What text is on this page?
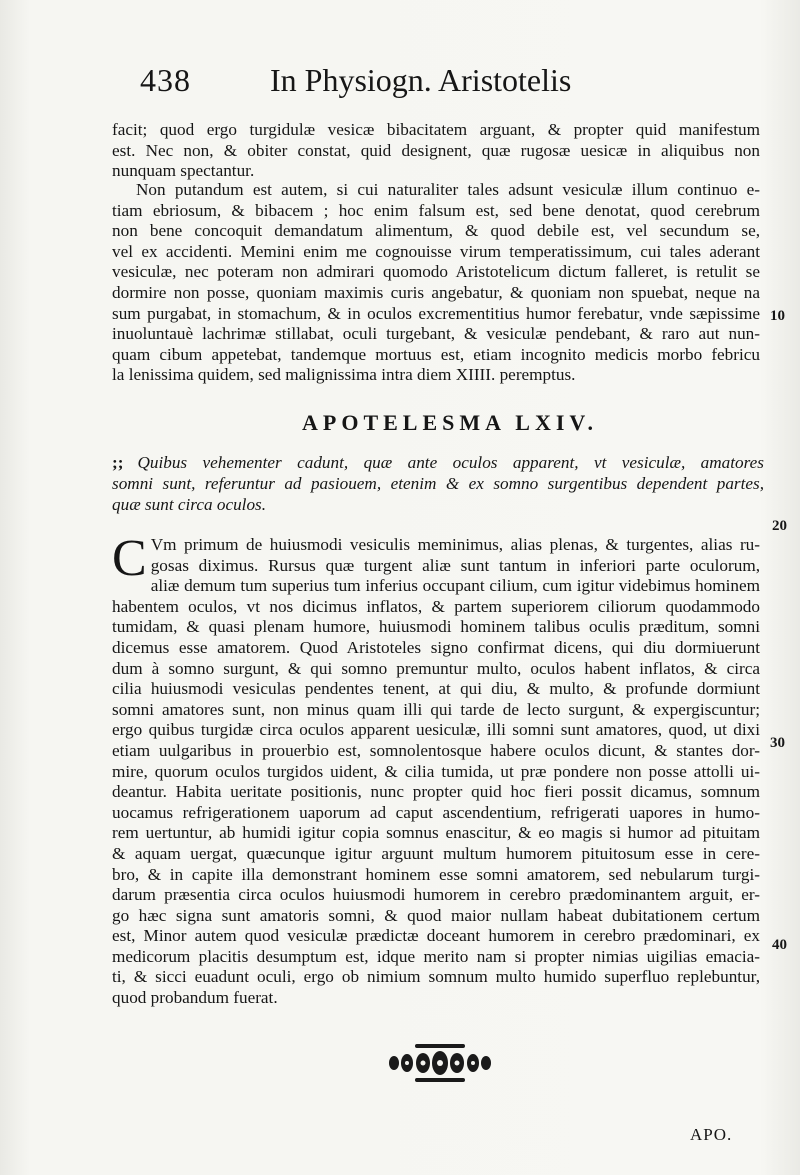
438 In Physiogn. Aristotelis
facit; quod ergo turgidulæ vesicæ bibacitatem arguant, & propter quid manifestum
est. Nec non, & obiter constat, quid designent, quæ rugosæ uesicæ in aliquibus non
nunquam spectantur.
Non putandum est autem, si cui naturaliter tales adsunt vesiculæ illum continuo e-
tiam ebriosum, & bibacem ; hoc enim falsum est, sed bene denotat, quod cerebrum
non bene concoquit demandatum alimentum, & quod debile est, vel secundum se,
vel ex accidenti. Memini enim me cognouisse virum temperatissimum, cui tales aderant
vesiculæ, nec poteram non admirari quomodo Aristotelicum dictum falleret, is retulit se
dormire non posse, quoniam maximis curis angebatur, & quoniam non spuebat, neque na
sum purgabat, in stomachum, & in oculos excrementitius humor ferebatur, vnde sæpissime
inuoluntauè lachrimæ stillabat, oculi turgebant, & vesiculæ pendebant, & raro aut nun-
quam cibum appetebat, tandemque mortuus est, etiam incognito medicis morbo febricu
la lenissima quidem, sed malignissima intra diem XIIII. peremptus.
APOTELESMA LXIV.
;; Quibus vehementer cadunt, quæ ante oculos apparent, vt vesiculæ, amatores
somni sunt, referuntur ad pasiouem, etenim & ex somno surgentibus dependent partes,
quæ sunt circa oculos.
C Vm primum de huiusmodi vesiculis meminimus, alias plenas, & turgentes, alias ru-
gosas diximus. Rursus quæ turgent aliæ sunt tantum in inferiori parte oculorum,
aliæ demum tum superius tum inferius occupant cilium, cum igitur videbimus hominem
habentem oculos, vt nos dicimus inflatos, & partem superiorem ciliorum quodammodo
tumidam, & quasi plenam humore, huiusmodi hominem talibus oculis præditum, somni
dicemus esse amatorem. Quod Aristoteles signo confirmat dicens, qui diu dormiuerunt
dum à somno surgunt, & qui somno premuntur multo, oculos habent inflatos, & circa
cilia huiusmodi vesiculas pendentes tenent, at qui diu, & multo, & profunde dormiunt
somni amatores sunt, non minus quam illi qui tarde de lecto surgunt, & expergiscuntur;
ergo quibus turgidæ circa oculos apparent uesiculæ, illi somni sunt amatores, quod, ut dixi
etiam uulgaribus in prouerbio est, somnolentosque habere oculos dicunt, & stantes dor-
mire, quorum oculos turgidos uident, & cilia tumida, ut præ pondere non posse attolli ui-
deantur. Habita ueritate positionis, nunc propter quid hoc fieri possit dicamus, somnum
uocamus refrigerationem uaporum ad caput ascendentium, refrigerati uapores in humo-
rem uertuntur, ab humidi igitur copia somnus enascitur, & eo magis si humor ad pituitam
& aquam uergat, quæcunque igitur arguunt multum humorem pituitosum esse in cere-
bro, & in capite illa demonstrant hominem esse somni amatorem, sed nebularum turgi-
darum præsentia circa oculos huiusmodi humorem in cerebro prædominantem arguit, er-
go hæc signa sunt amatoris somni, & quod maior nullam habeat dubitationem certum
est, Minor autem quod vesiculæ prædictæ doceant humorem in cerebro prædominari, ex
medicorum placitis desumptum est, idque merito nam si propter nimias uigilias emacia-
ti, & sicci euadunt oculi, ergo ob nimium somnum multo humido superfluo replebuntur,
quod probandum fuerat.
10
20
30
40
APO.
